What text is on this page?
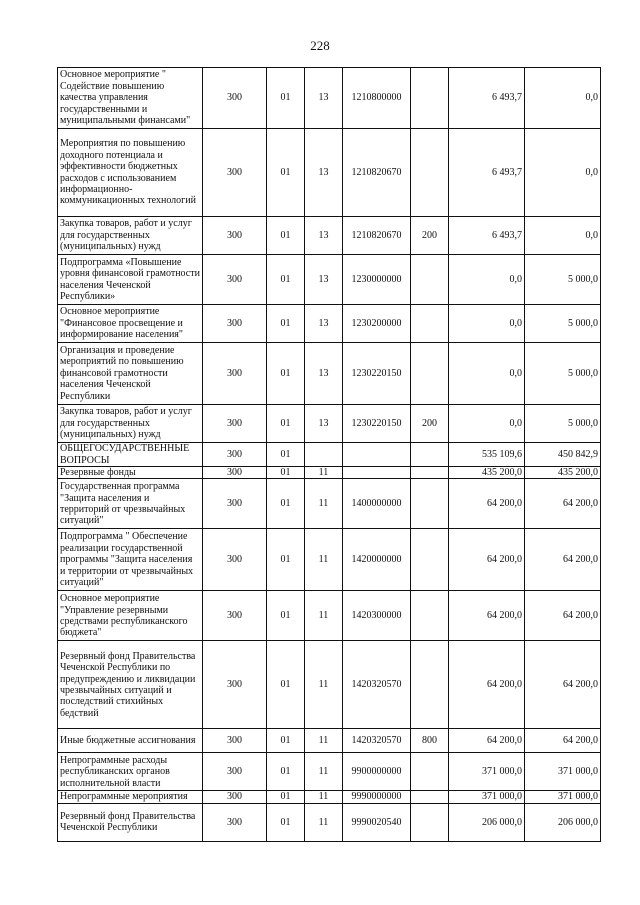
228
Основное мероприятие " Содействие повышению качества управления государственными и муниципальными финансами"	300	01	13	1210800000		6 493,7	0,0
Мероприятия по повышению доходного потенциала и эффективности бюджетных расходов с использованием информационно-коммуникационных технологий	300	01	13	1210820670		6 493,7	0,0
Закупка товаров, работ и услуг для государственных (муниципальных) нужд	300	01	13	1210820670	200	6 493,7	0,0
Подпрограмма «Повышение уровня финансовой грамотности населения Чеченской Республики»	300	01	13	1230000000		0,0	5 000,0
Основное мероприятие "Финансовое просвещение и информирование населения"	300	01	13	1230200000		0,0	5 000,0
Организация и проведение мероприятий по повышению финансовой грамотности населения Чеченской Республики	300	01	13	1230220150		0,0	5 000,0
Закупка товаров, работ и услуг для государственных (муниципальных) нужд	300	01	13	1230220150	200	0,0	5 000,0
ОБЩЕГОСУДАРСТВЕННЫЕ ВОПРОСЫ	300	01				535 109,6	450 842,9
Резервные фонды	300	01	11			435 200,0	435 200,0
Государственная программа "Защита населения и территорий от чрезвычайных ситуаций"	300	01	11	1400000000		64 200,0	64 200,0
Подпрограмма " Обеспечение реализации государственной программы "Защита населения и территории от чрезвычайных ситуаций"	300	01	11	1420000000		64 200,0	64 200,0
Основное мероприятие "Управление резервными средствами республиканского бюджета"	300	01	11	1420300000		64 200,0	64 200,0
Резервный фонд Правительства Чеченской Республики по предупреждению и ликвидации чрезвычайных ситуаций и последствий стихийных бедствий	300	01	11	1420320570		64 200,0	64 200,0
Иные бюджетные ассигнования	300	01	11	1420320570	800	64 200,0	64 200,0
Непрограммные расходы республиканских органов исполнительной власти	300	01	11	9900000000		371 000,0	371 000,0
Непрограммные мероприятия	300	01	11	9990000000		371 000,0	371 000,0
Резервный фонд Правительства Чеченской Республики	300	01	11	9990020540		206 000,0	206 000,0
